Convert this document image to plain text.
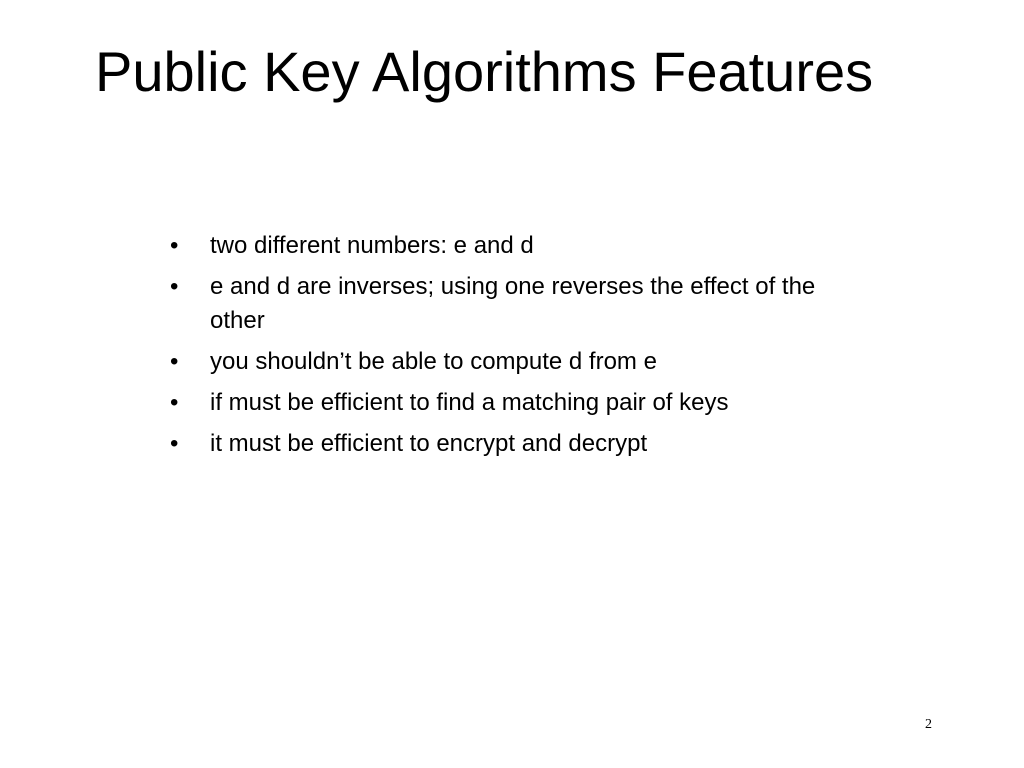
Public Key Algorithms Features
•	two different numbers: e and d
•	e and d are inverses; using one reverses the effect of the other
•	you shouldn’t be able to compute d from e
•	if must be efficient to find a matching pair of keys
•	it must be efficient to encrypt and decrypt
2
